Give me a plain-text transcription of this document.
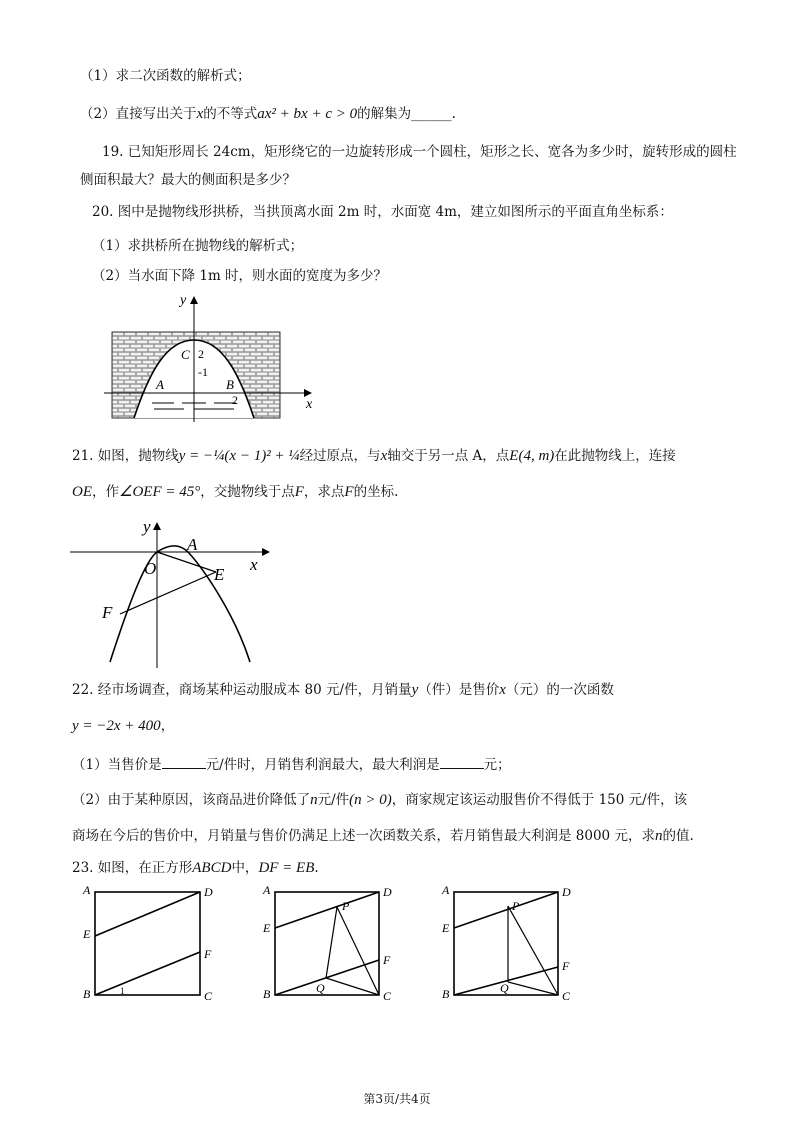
（1）求二次函数的解析式；
（2）直接写出关于x的不等式ax² + bx + c > 0的解集为______.
19. 已知矩形周长 24cm，矩形绕它的一边旋转形成一个圆柱，矩形之长、宽各为多少时，旋转形成的圆柱
侧面积最大？最大的侧面积是多少？
20. 图中是抛物线形拱桥，当拱顶离水面 2m 时，水面宽 4m，建立如图所示的平面直角坐标系：
（1）求拱桥所在抛物线的解析式；
（2）当水面下降 1m 时，则水面的宽度为多少？
y
x
C 2
-1
A	B
2
21. 如图，抛物线y = −¼(x − 1)² + ¼经过原点，与x轴交于另一点 A，点E(4, m)在此抛物线上，连接
OE，作∠OEF = 45°，交抛物线于点F，求点F的坐标.
y
x
O
A
E
F
22. 经市场调查，商场某种运动服成本 80 元/件，月销量y（件）是售价x（元）的一次函数
y = −2x + 400，
（1）当售价是	元/件时，月销售利润最大，最大利润是	元；
（2）由于某种原因，该商品进价降低了n元/件(n > 0)，商家规定该运动服售价不得低于 150 元/件，该
商场在今后的售价中，月销量与售价仍满足上述一次函数关系，若月销售最大利润是 8000 元，求n的值.
23. 如图，在正方形ABCD中，DF = EB.
A	D
E
F
B	C
1
A	D
E
F
B	C
P
Q
A	D
E
F
B	C
P
Q
第3页/共4页
